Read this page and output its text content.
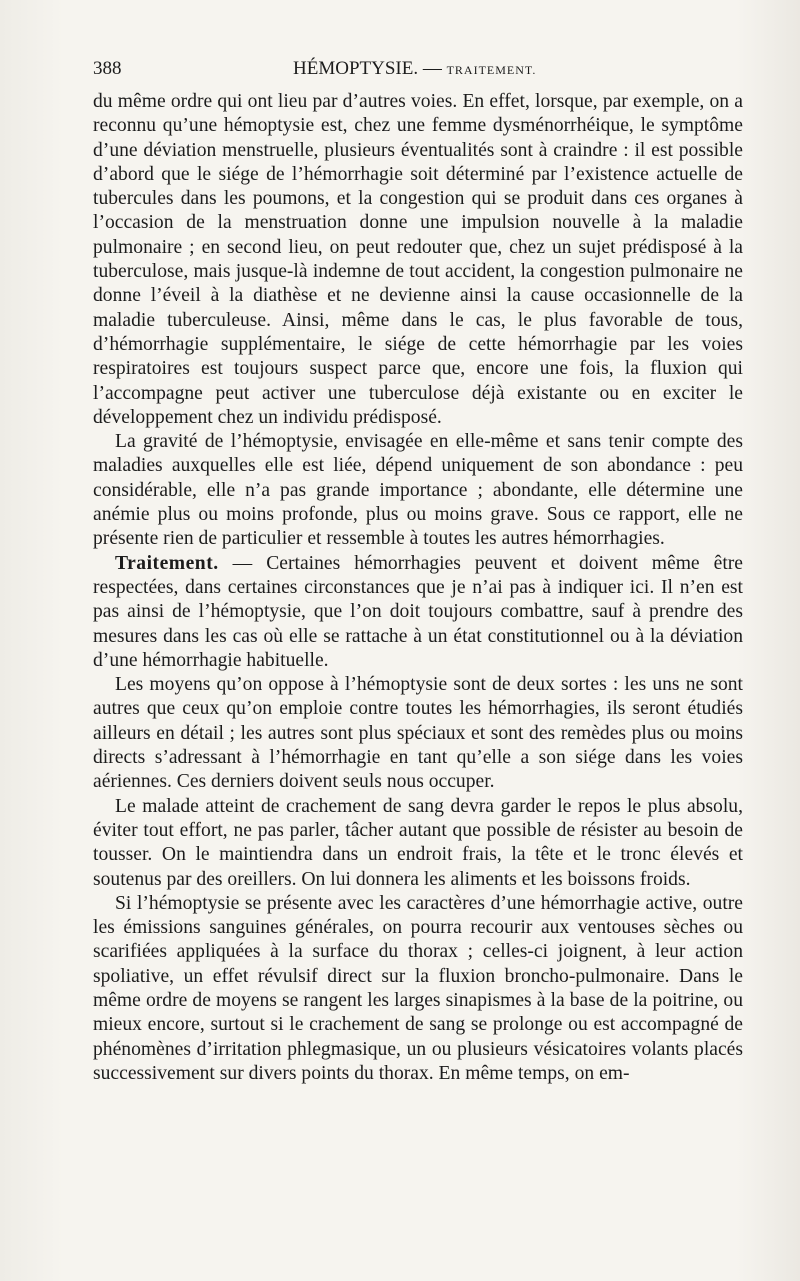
388	HÉMOPTYSIE. — TRAITEMENT.

du même ordre qui ont lieu par d’autres voies. En effet, lorsque, par exemple, on a reconnu qu’une hémoptysie est, chez une femme dysménorrhéique, le symptôme d’une déviation menstruelle, plusieurs éventualités sont à craindre : il est possible d’abord que le siége de l’hémorrhagie soit déterminé par l’existence actuelle de tubercules dans les poumons, et la congestion qui se produit dans ces organes à l’occasion de la menstruation donne une impulsion nouvelle à la maladie pulmonaire ; en second lieu, on peut redouter que, chez un sujet prédisposé à la tuberculose, mais jusque-là indemne de tout accident, la congestion pulmonaire ne donne l’éveil à la diathèse et ne devienne ainsi la cause occasionnelle de la maladie tuberculeuse. Ainsi, même dans le cas, le plus favorable de tous, d’hémorrhagie supplémentaire, le siége de cette hémorrhagie par les voies respiratoires est toujours suspect parce que, encore une fois, la fluxion qui l’accompagne peut activer une tuberculose déjà existante ou en exciter le développement chez un individu prédisposé.

La gravité de l’hémoptysie, envisagée en elle-même et sans tenir compte des maladies auxquelles elle est liée, dépend uniquement de son abondance : peu considérable, elle n’a pas grande importance ; abondante, elle détermine une anémie plus ou moins profonde, plus ou moins grave. Sous ce rapport, elle ne présente rien de particulier et ressemble à toutes les autres hémorrhagies.

Traitement. — Certaines hémorrhagies peuvent et doivent même être respectées, dans certaines circonstances que je n’ai pas à indiquer ici. Il n’en est pas ainsi de l’hémoptysie, que l’on doit toujours combattre, sauf à prendre des mesures dans les cas où elle se rattache à un état constitutionnel ou à la déviation d’une hémorrhagie habituelle.

Les moyens qu’on oppose à l’hémoptysie sont de deux sortes : les uns ne sont autres que ceux qu’on emploie contre toutes les hémorrhagies, ils seront étudiés ailleurs en détail ; les autres sont plus spéciaux et sont des remèdes plus ou moins directs s’adressant à l’hémorrhagie en tant qu’elle a son siége dans les voies aériennes. Ces derniers doivent seuls nous occuper.

Le malade atteint de crachement de sang devra garder le repos le plus absolu, éviter tout effort, ne pas parler, tâcher autant que possible de résister au besoin de tousser. On le maintiendra dans un endroit frais, la tête et le tronc élevés et soutenus par des oreillers. On lui donnera les aliments et les boissons froids.

Si l’hémoptysie se présente avec les caractères d’une hémorrhagie active, outre les émissions sanguines générales, on pourra recourir aux ventouses sèches ou scarifiées appliquées à la surface du thorax ; celles-ci joignent, à leur action spoliative, un effet révulsif direct sur la fluxion broncho-pulmonaire. Dans le même ordre de moyens se rangent les larges sinapismes à la base de la poitrine, ou mieux encore, surtout si le crachement de sang se prolonge ou est accompagné de phénomènes d’irritation phlegmasique, un ou plusieurs vésicatoires volants placés successivement sur divers points du thorax. En même temps, on em-
